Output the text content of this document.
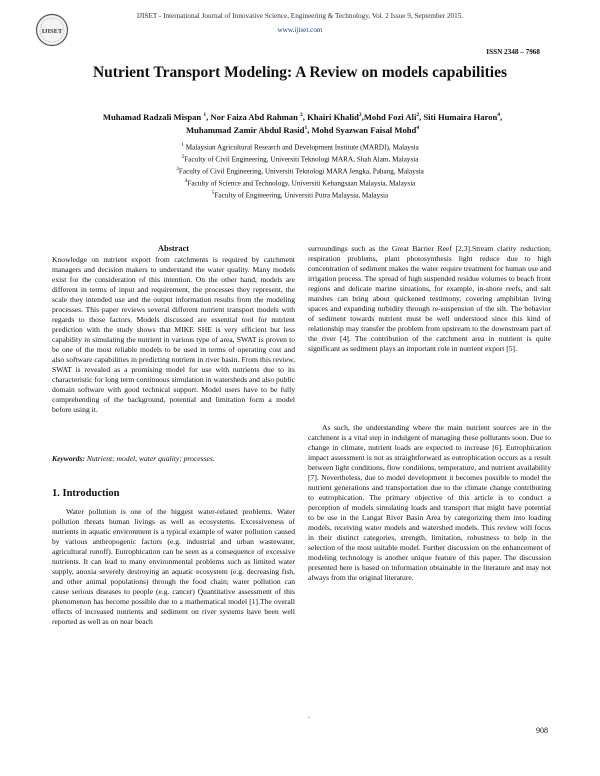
IJISET
IJISET - International Journal of Innovative Science, Engineering & Technology, Vol. 2 Issue 9, September 2015.
www.ijiset.com
ISSN 2348 – 7968
Nutrient Transport Modeling: A Review on models capabilities
Muhamad Radzali Mispan $^1$, Nor Faiza Abd Rahman $^2$, Khairi Khalid$^3$,Mohd Fozi Ali$^2$, Siti Humaira Haron$^4$,
Muhammad Zamir Abdul Rasid$^1$, Mohd Syazwan Faisal Mohd$^4$
$^1$ Malaysian Agricultural Research and Development Institute (MARDI), Malaysia
$^2$Faculty of Civil Engineering, Universiti Teknologi MARA, Shah Alam, Malaysia
$^3$Faculty of Civil Engineering, Universiti Teknologi MARA Jengka, Pahang, Malaysia
$^4$Faculty of Science and Technology, Universiti Kebangsaan Malaysia, Malaysia
$^5$Faculty of Engineering, Universiti Putra Malaysia, Malaysia
Abstract

Knowledge on nutrient export from catchments is required by catchment managers and decision makers to understand the water quality. Many models exist for the consideration of this intention. On the other hand, models are different in terms of input and requirement, the processes they represent, the scale they intended use and the output information results from the modeling processes. This paper reviews several different nutrient transport models with regards to those factors. Models discussed are essential tool for nutrient prediction with the study shows that MIKE SHE is very efficient but less capability in simulating the nutrient in various type of area, SWAT is proven to be one of the most reliable models to be used in terms of operating cost and also software capabilities in predicting nutrient in river basin. From this review, SWAT is revealed as a promising model for use with nutrients due to its characteristic for long term continuous simulation in watersheds and also public domain software with good technical support. Model users have to be fully comprehending of the background, potential and limitation form a model before using it.

Keywords: Nutrient; model, water quality; processes.
1. Introduction

Water pollution is one of the biggest water-related problems. Water pollution threats human livings as well as ecosystems. Excessiveness of nutrients in aquatic environment is a typical example of water pollution caused by various anthropogenic factors (e.g. industrial and urban wastewater, agricultural runoff). Eutrophication can be seen as a consequence of excessive nutrients. It can lead to many environmental problems such as limited water supply, anoxia severely destroying an aquatic ecosystem (e.g. decreasing fish, and other animal populations) through the food chain; water pollution can cause serious diseases to people (e.g. cancer) Quantitative assessment of this phenomenon has become possible due to a mathematical model [1].The overall effects of increased nutrients and sediment on river systems have been well reported as well as on near beach

surroundings such as the Great Barrier Reef [2,3].Stream clarity reduction; respiration problems, plant photosynthesis light reduce due to high concentration of sediment makes the water require treatment for human use and irrigation process. The spread of high suspended residue volumes to beach front regions and delicate marine situations, for example, in-shore reefs, and salt marshes can bring about quickened testimony, covering amphibian living spaces and expanding turbidity through re-suspension of the silt. The behavior of sediment towards nutrient must be well understood since this kind of relationship may transfer the problem from upstream to the downstream part of the river [4]. The contribution of the catchment area in nutrient is quite significant as sediment plays an important role in nutrient export [5].

As such, the understanding where the main nutrient sources are in the catchment is a vital step in indulgent of managing these pollutants soon. Due to change in climate, nutrient loads are expected to increase [6]. Eutrophication impact assessment is not as straightforward as eutrophication occurs as a result between light conditions, flow conditions, temperature, and nutrient availability [7]. Nevertheless, due to model development it becomes possible to model the nutrient generations and transportation due to the climate change contributing to eutrophication. The primary objective of this article is to conduct a perception of models simulating loads and transport that might have potential to be use in the Langat River Basin Area by categorizing them into loading models, receiving water models and watershed models. This review will focus in their distinct categories, strength, limitation, robustness to help in the selection of the most suitable model. Further discussion on the enhancement of modeling technology is another unique feature of this paper. The discussion presented here is based on information obtainable in the literature and may not always from the original literature.

.
908
